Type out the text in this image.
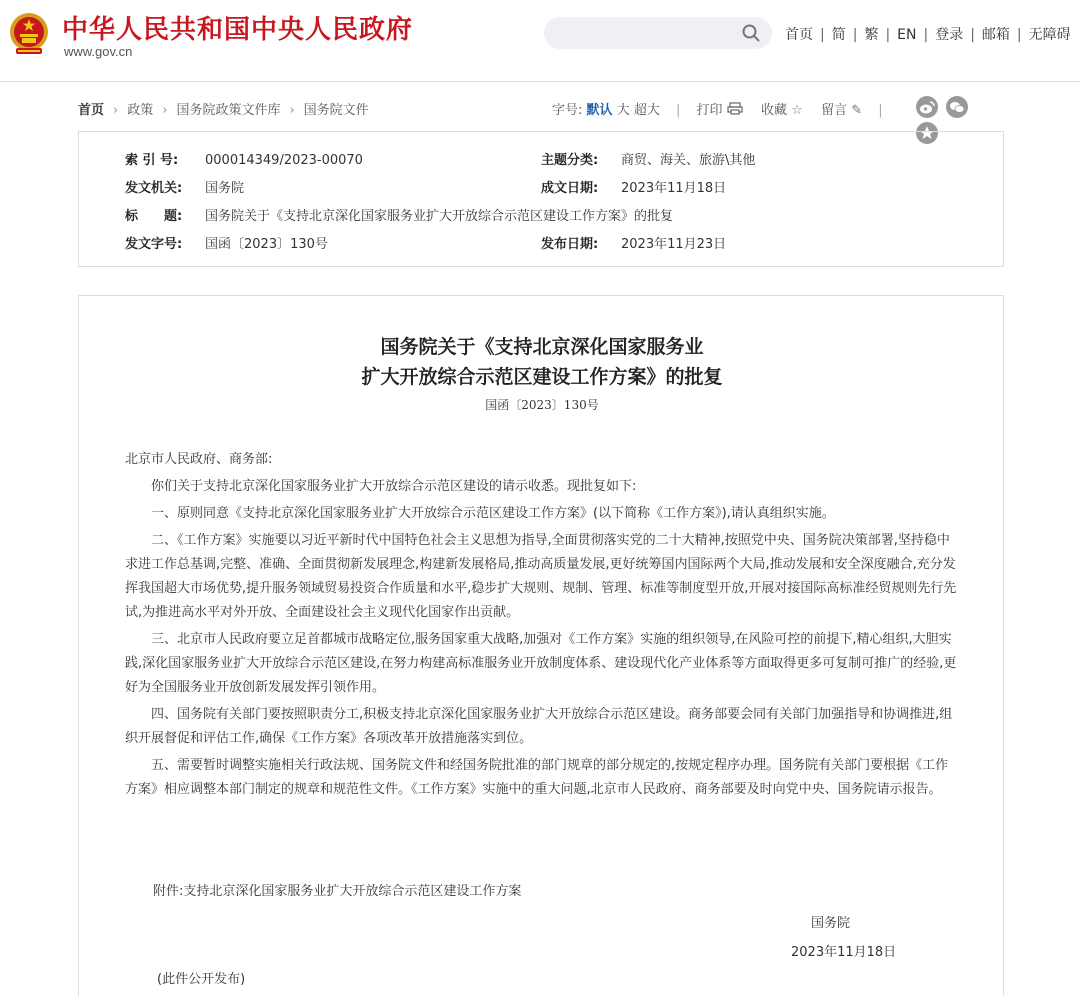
中华人民共和国中央人民政府
www.gov.cn
首页 | 简 | 繁 | EN | 登录 | 邮箱 | 无障碍
首页 › 政策 › 国务院政策文件库 › 国务院文件	字号: 默认 大 超大 | 打印	收藏 ☆ 留言 ✎ |
索 引 号: 000014349/2023-00070	主题分类: 商贸、海关、旅游\其他
发文机关: 国务院	成文日期: 2023年11月18日
标　　题: 国务院关于《支持北京深化国家服务业扩大开放综合示范区建设工作方案》的批复
发文字号: 国函〔2023〕130号	发布日期: 2023年11月23日
国务院关于《支持北京深化国家服务业
扩大开放综合示范区建设工作方案》的批复
国函〔2023〕130号

北京市人民政府、商务部:

你们关于支持北京深化国家服务业扩大开放综合示范区建设的请示收悉。现批复如下:

一、原则同意《支持北京深化国家服务业扩大开放综合示范区建设工作方案》(以下简称《工作方案》),请认真组织实施。

二、《工作方案》实施要以习近平新时代中国特色社会主义思想为指导,全面贯彻落实党的二十大精神,按照党中央、国务院决策部署,坚持稳中求进工作总基调,完整、准确、全面贯彻新发展理念,构建新发展格局,推动高质量发展,更好统筹国内国际两个大局,推动发展和安全深度融合,充分发挥我国超大市场优势,提升服务领域贸易投资合作质量和水平,稳步扩大规则、规制、管理、标准等制度型开放,开展对接国际高标准经贸规则先行先试,为推进高水平对外开放、全面建设社会主义现代化国家作出贡献。

三、北京市人民政府要立足首都城市战略定位,服务国家重大战略,加强对《工作方案》实施的组织领导,在风险可控的前提下,精心组织,大胆实践,深化国家服务业扩大开放综合示范区建设,在努力构建高标准服务业开放制度体系、建设现代化产业体系等方面取得更多可复制可推广的经验,更好为全国服务业开放创新发展发挥引领作用。

四、国务院有关部门要按照职责分工,积极支持北京深化国家服务业扩大开放综合示范区建设。商务部要会同有关部门加强指导和协调推进,组织开展督促和评估工作,确保《工作方案》各项改革开放措施落实到位。

五、需要暂时调整实施相关行政法规、国务院文件和经国务院批准的部门规章的部分规定的,按规定程序办理。国务院有关部门要根据《工作方案》相应调整本部门制定的规章和规范性文件。《工作方案》实施中的重大问题,北京市人民政府、商务部要及时向党中央、国务院请示报告。

附件:支持北京深化国家服务业扩大开放综合示范区建设工作方案
国务院
2023年11月18日
(此件公开发布)
